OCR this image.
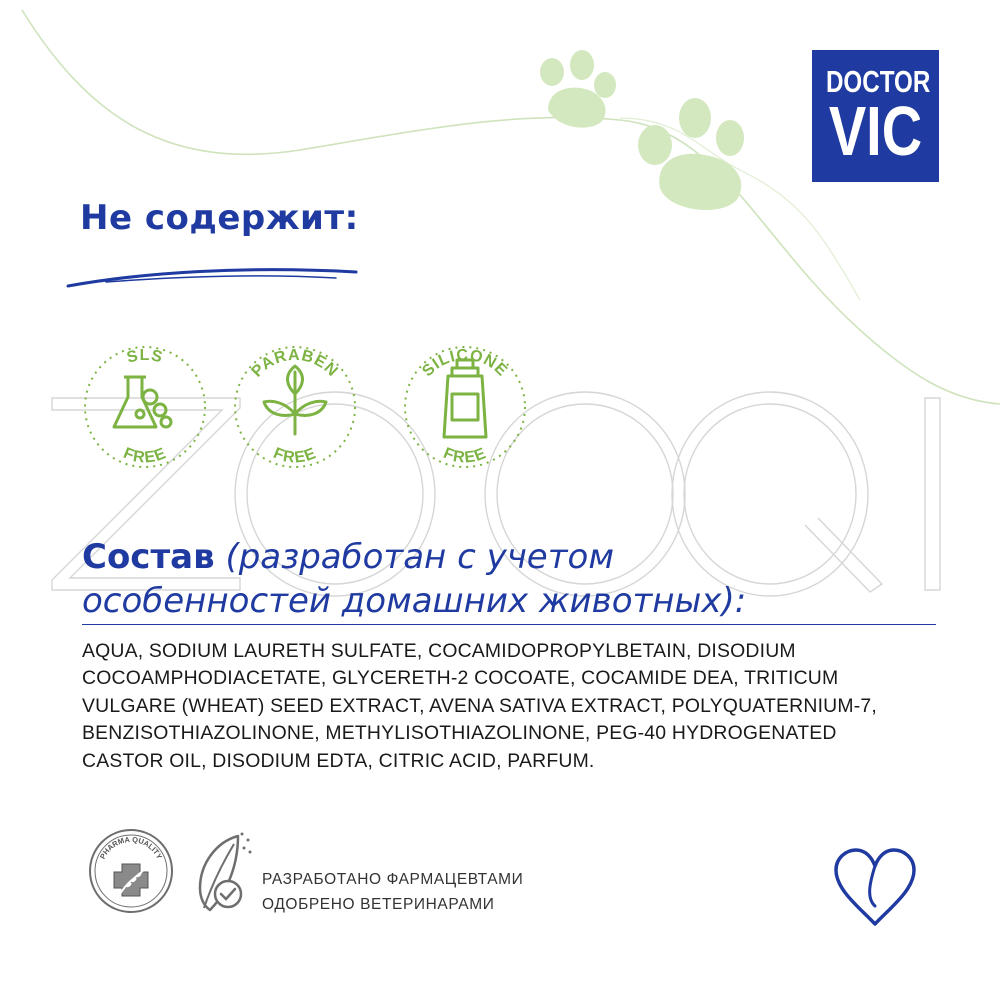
DOCTOR
VIC
Не содержит:
SLS
FREE
PARABEN
FREE
SILICONE
FREE
Состав (разработан с учетом
особенностей домашних животных):
AQUA, SODIUM LAURETH SULFATE, COCAMIDOPROPYLBETAIN, DISODIUM
COCOAMPHODIACETATE, GLYCERETH-2 COCOATE, COCAMIDE DEA, TRITICUM
VULGARE (WHEAT) SEED EXTRACT, AVENA SATIVA EXTRACT, POLYQUATERNIUM-7,
BENZISOTHIAZOLINONE, METHYLISOTHIAZOLINONE, PEG-40 HYDROGENATED
CASTOR OIL, DISODIUM EDTA, CITRIC ACID, PARFUM.
PHARMA QUALITY
РАЗРАБОТАНО ФАРМАЦЕВТАМИ
ОДОБРЕНО ВЕТЕРИНАРАМИ
